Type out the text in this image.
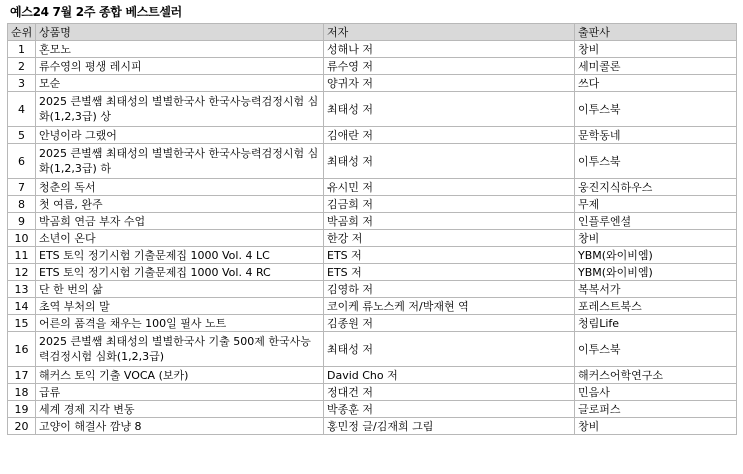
예스24 7월 2주 종합 베스트셀러
순위	상품명	저자	출판사
1	혼모노	성해나 저	창비
2	류수영의 평생 레시피	류수영 저	세미콜론
3	모순	양귀자 저	쓰다
4	2025 큰별쌤 최태성의 별별한국사 한국사능력검정시험 심화(1,2,3급) 상	최태성 저	이투스북
5	안녕이라 그랬어	김애란 저	문학동네
6	2025 큰별쌤 최태성의 별별한국사 한국사능력검정시험 심화(1,2,3급) 하	최태성 저	이투스북
7	청춘의 독서	유시민 저	웅진지식하우스
8	첫 여름, 완주	김금희 저	무제
9	박곰희 연금 부자 수업	박곰희 저	인플루엔셜
10	소년이 온다	한강 저	창비
11	ETS 토익 정기시험 기출문제집 1000 Vol. 4 LC	ETS 저	YBM(와이비엠)
12	ETS 토익 정기시험 기출문제집 1000 Vol. 4 RC	ETS 저	YBM(와이비엠)
13	단 한 번의 삶	김영하 저	복복서가
14	초역 부처의 말	코이케 류노스케 저/박재현 역	포레스트북스
15	어른의 품격을 채우는 100일 필사 노트	김종원 저	청림Life
16	2025 큰별쌤 최태성의 별별한국사 기출 500제 한국사능력검정시험 심화(1,2,3급)	최태성 저	이투스북
17	해커스 토익 기출 VOCA (보카)	David Cho 저	해커스어학연구소
18	급류	정대건 저	민음사
19	세계 경제 지각 변동	박종훈 저	글로퍼스
20	고양이 해결사 깜냥 8	홍민정 글/김재희 그림	창비
